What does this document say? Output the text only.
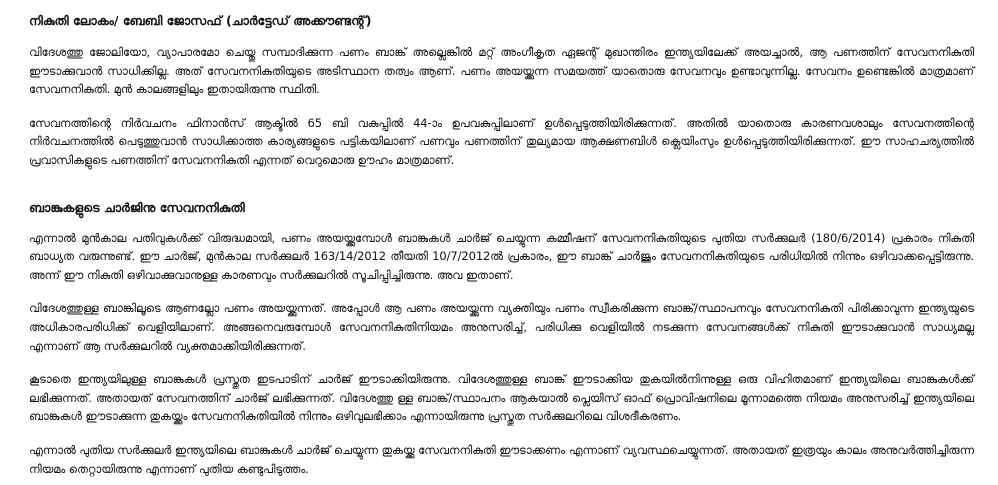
നികുതി ലോകം/ ബേബി ജോസഫ് (ചാര്‍ട്ടേഡ് അക്കൗണ്ടന്റ്)

വിദേശത്തു ജോലിയോ, വ്യാപാരമോ ചെയ്തു സമ്പാദിക്കുന്ന പണം ബാങ്ക് അല്ലെങ്കില്‍ മറ്റ് അംഗീകൃത ഏജന്റ് മുഖാന്തിരം ഇന്ത്യയിലേക്ക് അയച്ചാല്‍, ആ പണത്തിന് സേവനനികുതി ഈടാക്കുവാന്‍ സാധിക്കില്ല. അത് സേവനനികുതിയുടെ അടിസ്ഥാന തത്വം ആണ്. പണം അയയ്ക്കുന്ന സമയത്ത് യാതൊരു സേവനവും ഉണ്ടാവുന്നില്ല. സേവനം ഉണ്ടെങ്കില്‍ മാത്രമാണ് സേവനനികുതി. മുന്‍ കാലങ്ങളിലും ഇതായിരുന്നു സ്ഥിതി.

സേവനത്തിന്റെ നിര്‍വചനം ഫിനാന്‍സ് ആക്ടില്‍ 65 ബി വകുപ്പില്‍ 44-ാം ഉപവകുപ്പിലാണ് ഉള്‍പ്പെടുത്തിയിരിക്കുന്നത്. അതില്‍ യാതൊരു കാരണവശാലും സേവനത്തിന്റെ നിര്‍വചനത്തില്‍ പെടുത്തുവാന്‍ സാധിക്കാത്ത കാര്യങ്ങളുടെ പട്ടികയിലാണ് പണവും പണത്തിന് തുല്യമായ ആക്ഷണബിള്‍ ക്ലെയിംസും ഉള്‍പ്പെടുത്തിയിരിക്കുന്നത്. ഈ സാഹചര്യത്തില്‍ പ്രവാസികളുടെ പണത്തിന് സേവനനികുതി എന്നത് വെറുമൊരു ഊഹം മാത്രമാണ്.

ബാങ്കുകളുടെ ചാര്‍ജിനു സേവനനികുതി

എന്നാല്‍ മുന്‍കാല പതിവുകള്‍ക്ക് വിരുദ്ധമായി, പണം അയയ്ക്കുമ്പോള്‍ ബാങ്കുകള്‍ ചാര്‍ജ് ചെയ്യുന്ന കമ്മീഷന് സേവനനികുതിയുടെ പുതിയ സര്‍ക്കുലര്‍ (180/6/2014) പ്രകാരം നികുതി ബാധ്യത വരുന്നുണ്ട്. ഈ ചാര്‍ജ്, മുന്‍കാല സര്‍ക്കുലര്‍ 163/14/2012 തീയതി 10/7/2012ല്‍ പ്രകാരം, ഈ ബാങ്ക് ചാര്‍ജും സേവനനികുതിയുടെ പരിധിയില്‍ നിന്നും ഒഴിവാക്കപ്പെട്ടിരുന്നു. അന്ന് ഈ നികുതി ഒഴിവാക്കുവാനുള്ള കാരണവും സര്‍ക്കുലറില്‍ സൂചിപ്പിച്ചിരുന്നു. അവ ഇതാണ്.

വിദേശത്തുള്ള ബാങ്കിലൂടെ ആണല്ലോ പണം അയയ്ക്കുന്നത്. അപ്പോള്‍ ആ പണം അയയ്ക്കുന്ന വ്യക്തിയും പണം സ്വീകരിക്കുന്ന ബാങ്ക്/സ്ഥാപനവും സേവനനികുതി പിരിക്കാവുന്ന ഇന്ത്യയുടെ അധികാരപരിധിക്ക് വെളിയിലാണ്. അങ്ങനെവരുമ്പോള്‍ സേവനനികുതിനിയമം അനുസരിച്ച്, പരിധിക്കു വെളിയില്‍ നടക്കുന്ന സേവനങ്ങള്‍ക്ക് നികുതി ഈടാക്കുവാന്‍ സാധ്യമല്ല എന്നാണ് ആ സര്‍ക്കുലറില്‍ വ്യക്തമാക്കിയിരിക്കുന്നത്.

കൂടാതെ ഇന്ത്യയിലുള്ള ബാങ്കുകള്‍ പ്രസ്തുത ഇടപാടിന് ചാര്‍ജ് ഈടാക്കിയിരുന്നു. വിദേശത്തുള്ള ബാങ്ക് ഈടാക്കിയ തുകയില്‍നിന്നുള്ള ഒരു വിഹിതമാണ് ഇന്ത്യയിലെ ബാങ്കുകള്‍ക്ക് ലഭിക്കുന്നത്. അതായത് സേവനത്തിന് ചാര്‍ജ് ലഭിക്കുന്നത്. വിദേശത്തു ള്ള ബാങ്ക്/സ്ഥാപനം ആകയാല്‍ പ്ലെയിസ് ഓഫ് പ്രൊവിഷനിലെ മൂന്നാമത്തെ നിയമം അനുസരിച്ച് ഇന്ത്യയിലെ ബാങ്കുകള്‍ ഈടാക്കുന്ന തുകയ്ക്കും സേവനനികുതിയില്‍ നിന്നും ഒഴിവുലഭിക്കാം എന്നായിരുന്നു പ്രസ്തുത സര്‍ക്കുലറിലെ വിശദീകരണം.

എന്നാല്‍ പുതിയ സര്‍ക്കുലര്‍ ഇന്ത്യയിലെ ബാങ്കുകള്‍ ചാര്‍ജ് ചെയ്യുന്ന തുകയ്ക്കു സേവനനികുതി ഈടാക്കണം എന്നാണ് വ്യവസ്ഥചെയ്യുന്നത്. അതായത് ഇത്രയും കാലം അനുവര്‍ത്തിച്ചിരുന്ന നിയമം തെറ്റായിരുന്നു എന്നാണ് പുതിയ കണ്ടുപിടുത്തം.
